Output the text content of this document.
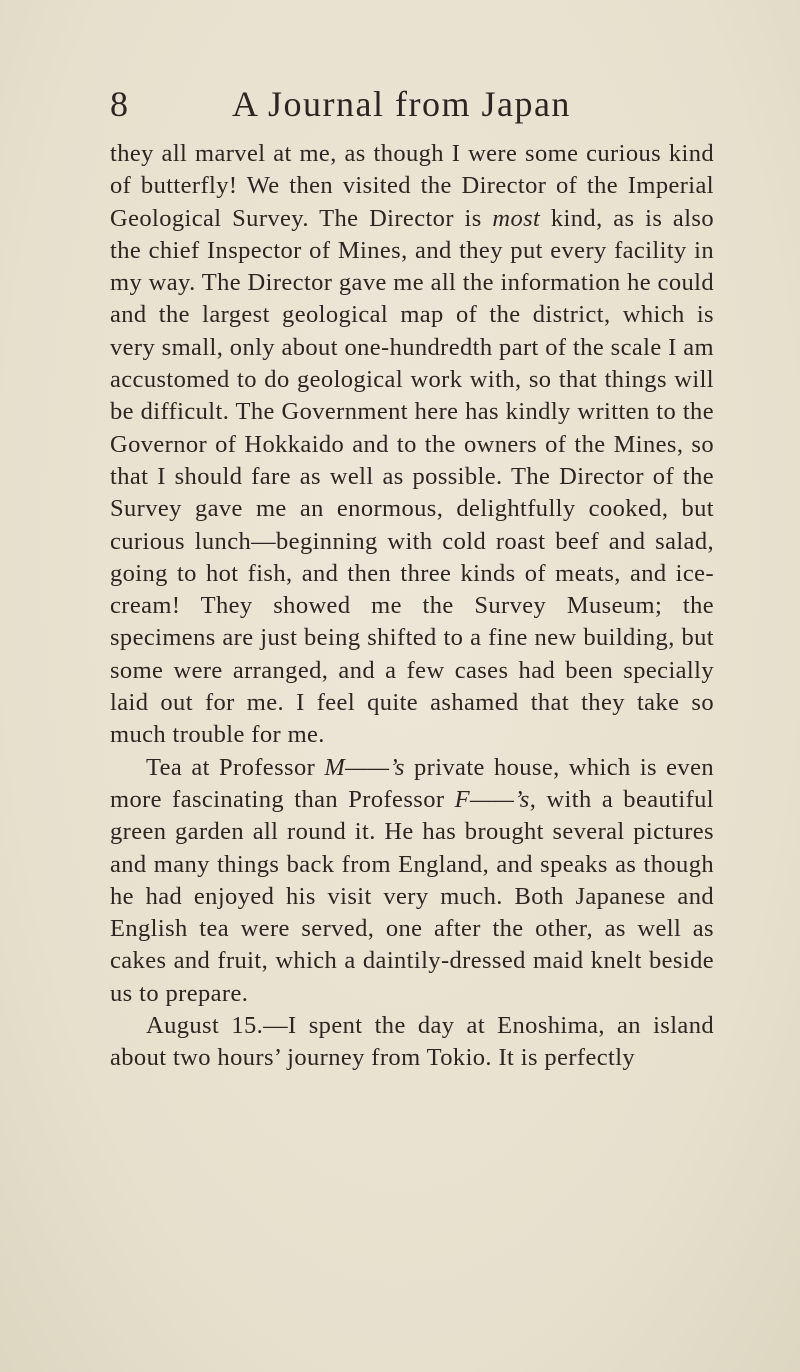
8	A Journal from Japan

they all marvel at me, as though I were some curious kind of butterfly! We then visited the Director of the Imperial Geological Survey. The Director is most kind, as is also the chief Inspector of Mines, and they put every facility in my way. The Director gave me all the information he could and the largest geological map of the district, which is very small, only about one-hundredth part of the scale I am accustomed to do geological work with, so that things will be difficult. The Government here has kindly written to the Governor of Hokkaido and to the owners of the Mines, so that I should fare as well as possible. The Director of the Survey gave me an enormous, delightfully cooked, but curious lunch—beginning with cold roast beef and salad, going to hot fish, and then three kinds of meats, and ice-cream! They showed me the Survey Museum; the specimens are just being shifted to a fine new building, but some were arranged, and a few cases had been specially laid out for me. I feel quite ashamed that they take so much trouble for me.

Tea at Professor M——’s private house, which is even more fascinating than Professor F——’s, with a beautiful green garden all round it. He has brought several pictures and many things back from England, and speaks as though he had enjoyed his visit very much. Both Japanese and English tea were served, one after the other, as well as cakes and fruit, which a daintily-dressed maid knelt beside us to prepare.

August 15.—I spent the day at Enoshima, an island about two hours’ journey from Tokio. It is perfectly
